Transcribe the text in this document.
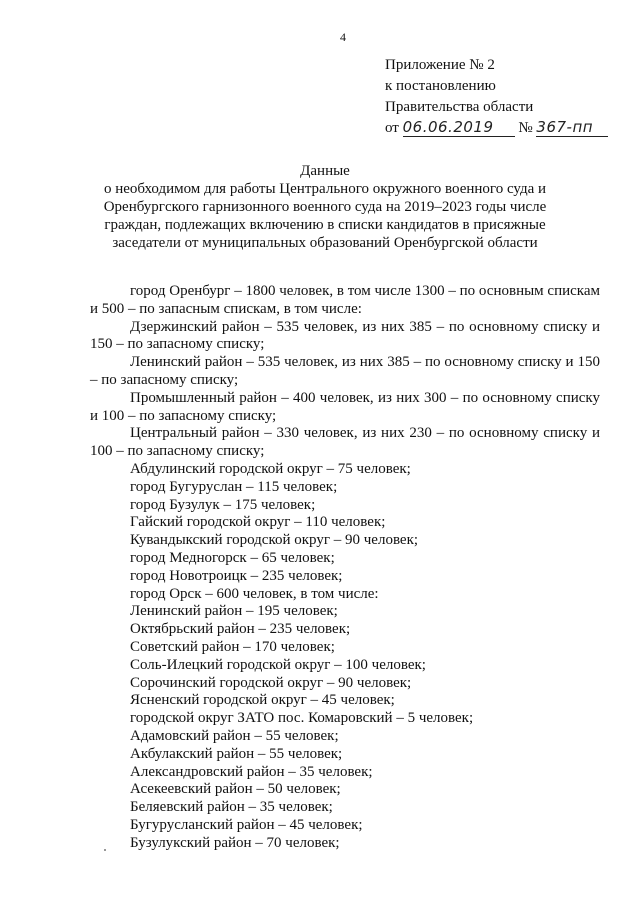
4
Приложение № 2
к постановлению
Правительства области
от 06.06.2019 № 367-пп
Данные
о необходимом для работы Центрального окружного военного суда и Оренбургского гарнизонного военного суда на 2019–2023 годы числе граждан, подлежащих включению в списки кандидатов в присяжные заседатели от муниципальных образований Оренбургской области

город Оренбург – 1800 человек, в том числе 1300 – по основным спискам и 500 – по запасным спискам, в том числе:

Дзержинский район – 535 человек, из них 385 – по основному списку и 150 – по запасному списку;

Ленинский район – 535 человек, из них 385 – по основному списку и 150 – по запасному списку;

Промышленный район – 400 человек, из них 300 – по основному списку и 100 – по запасному списку;

Центральный район – 330 человек, из них 230 – по основному списку и 100 – по запасному списку;

Абдулинский городской округ – 75 человек;

город Бугуруслан – 115 человек;

город Бузулук – 175 человек;

Гайский городской округ – 110 человек;

Кувандыкский городской округ – 90 человек;

город Медногорск – 65 человек;

город Новотроицк – 235 человек;

город Орск – 600 человек, в том числе:

Ленинский район – 195 человек;

Октябрьский район – 235 человек;

Советский район – 170 человек;

Соль-Илецкий городской округ – 100 человек;

Сорочинский городской округ – 90 человек;

Ясненский городской округ – 45 человек;

городской округ ЗАТО пос. Комаровский – 5 человек;

Адамовский район – 55 человек;

Акбулакский район – 55 человек;

Александровский район – 35 человек;

Асекеевский район – 50 человек;

Беляевский район – 35 человек;

Бугурусланский район – 45 человек;

Бузулукский район – 70 человек;
